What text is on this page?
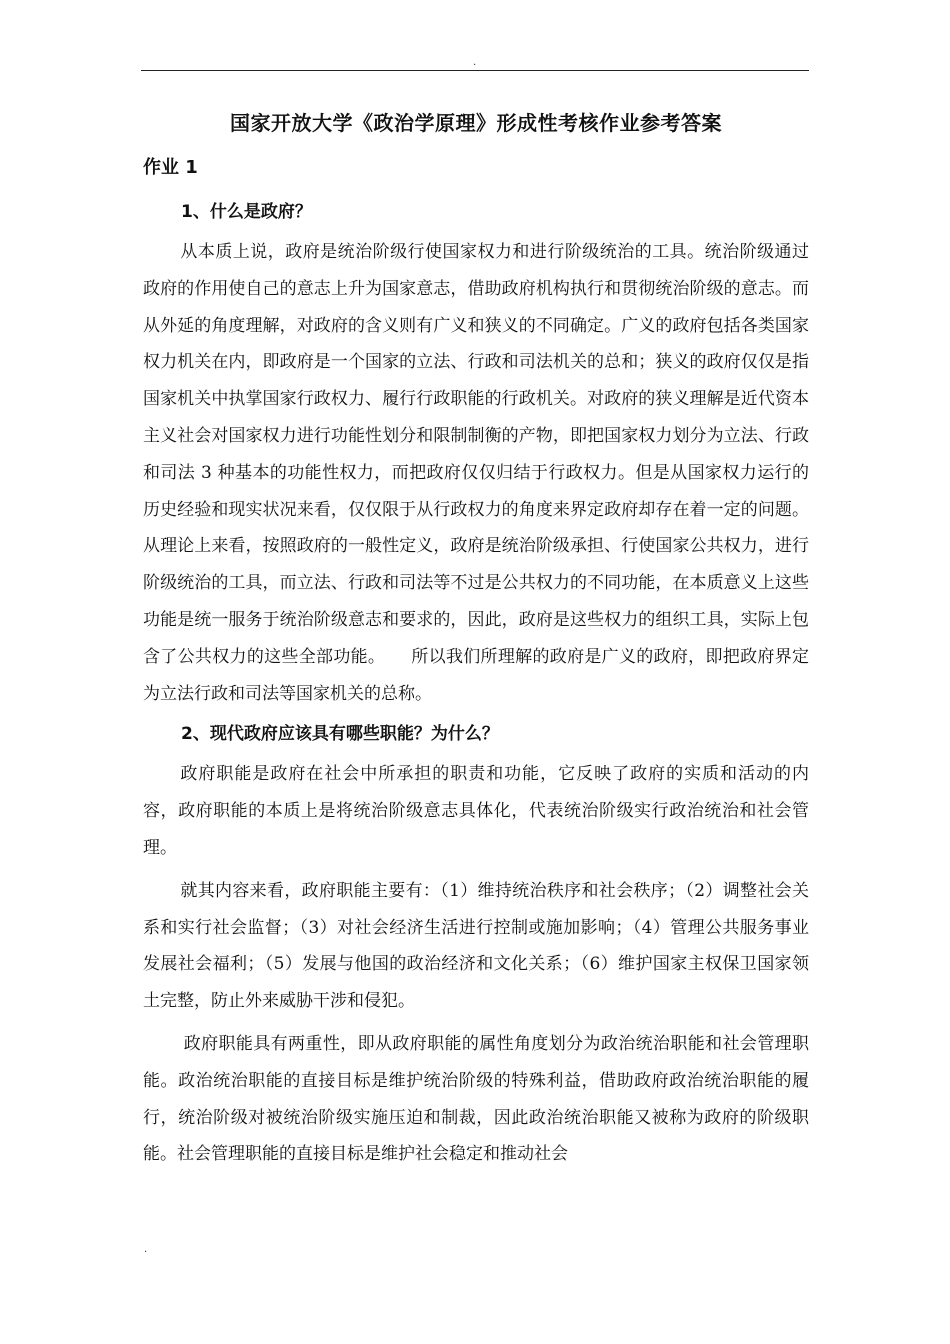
.
国家开放大学《政治学原理》形成性考核作业参考答案
作业 1
1、什么是政府？

从本质上说，政府是统治阶级行使国家权力和进行阶级统治的工具。统治阶级通过政府的作用使自己的意志上升为国家意志，借助政府机构执行和贯彻统治阶级的意志。而从外延的角度理解，对政府的含义则有广义和狭义的不同确定。广义的政府包括各类国家权力机关在内，即政府是一个国家的立法、行政和司法机关的总和；狭义的政府仅仅是指国家机关中执掌国家行政权力、履行行政职能的行政机关。对政府的狭义理解是近代资本主义社会对国家权力进行功能性划分和限制制衡的产物，即把国家权力划分为立法、行政和司法 3 种基本的功能性权力，而把政府仅仅归结于行政权力。但是从国家权力运行的历史经验和现实状况来看，仅仅限于从行政权力的角度来界定政府却存在着一定的问题。从理论上来看，按照政府的一般性定义，政府是统治阶级承担、行使国家公共权力，进行阶级统治的工具，而立法、行政和司法等不过是公共权力的不同功能，在本质意义上这些功能是统一服务于统治阶级意志和要求的，因此，政府是这些权力的组织工具，实际上包含了公共权力的这些全部功能。　　所以我们所理解的政府是广义的政府，即把政府界定为立法行政和司法等国家机关的总称。

2、现代政府应该具有哪些职能？为什么？

政府职能是政府在社会中所承担的职责和功能，它反映了政府的实质和活动的内容，政府职能的本质上是将统治阶级意志具体化，代表统治阶级实行政治统治和社会管理。

就其内容来看，政府职能主要有：（1）维持统治秩序和社会秩序；（2）调整社会关系和实行社会监督；（3）对社会经济生活进行控制或施加影响；（4）管理公共服务事业发展社会福利；（5）发展与他国的政治经济和文化关系；（6）维护国家主权保卫国家领土完整，防止外来威胁干涉和侵犯。

政府职能具有两重性，即从政府职能的属性角度划分为政治统治职能和社会管理职能。政治统治职能的直接目标是维护统治阶级的特殊利益，借助政府政治统治职能的履行，统治阶级对被统治阶级实施压迫和制裁，因此政治统治职能又被称为政府的阶级职能。社会管理职能的直接目标是维护社会稳定和推动社会

.
